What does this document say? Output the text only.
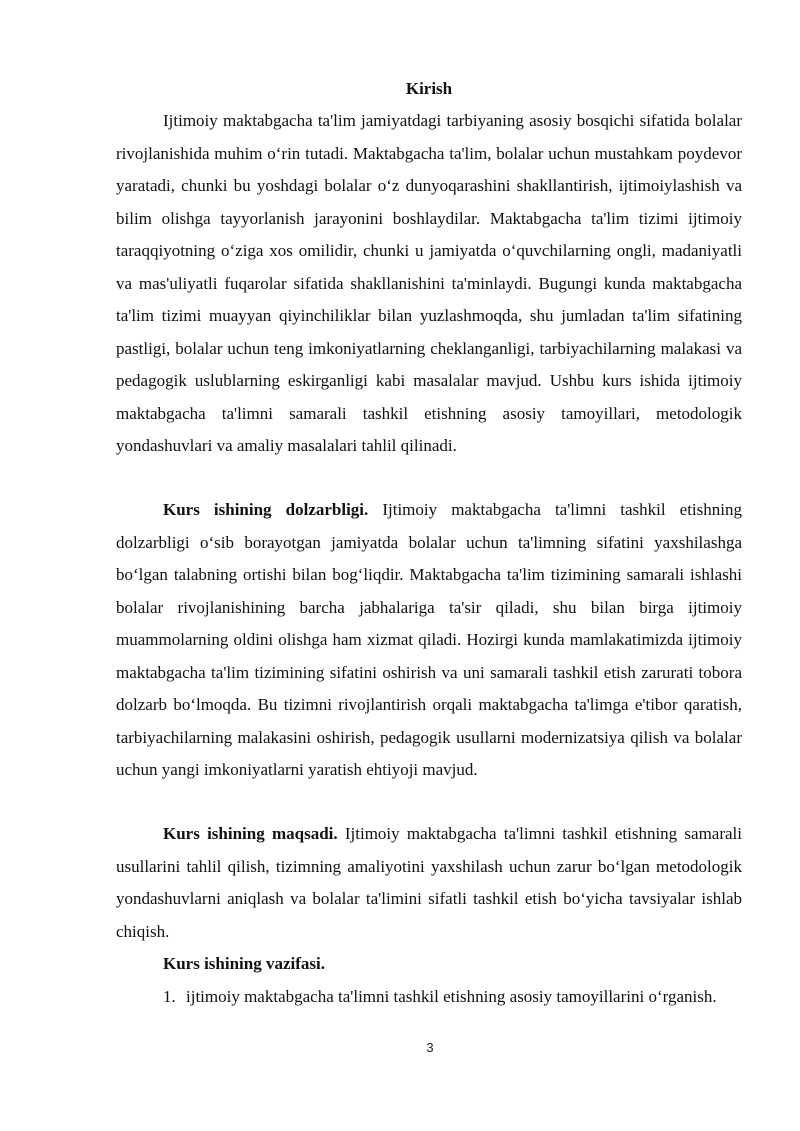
Kirish

Ijtimoiy maktabgacha ta'lim jamiyatdagi tarbiyaning asosiy bosqichi sifatida bolalar rivojlanishida muhim o‘rin tutadi. Maktabgacha ta'lim, bolalar uchun mustahkam poydevor yaratadi, chunki bu yoshdagi bolalar o‘z dunyoqarashini shakllantirish, ijtimoiylashish va bilim olishga tayyorlanish jarayonini boshlaydilar. Maktabgacha ta'lim tizimi ijtimoiy taraqqiyotning o‘ziga xos omilidir, chunki u jamiyatda o‘quvchilarning ongli, madaniyatli va mas'uliyatli fuqarolar sifatida shakllanishini ta'minlaydi. Bugungi kunda maktabgacha ta'lim tizimi muayyan qiyinchiliklar bilan yuzlashmoqda, shu jumladan ta'lim sifatining pastligi, bolalar uchun teng imkoniyatlarning cheklanganligi, tarbiyachilarning malakasi va pedagogik uslublarning eskirganligi kabi masalalar mavjud. Ushbu kurs ishida ijtimoiy maktabgacha ta'limni samarali tashkil etishning asosiy tamoyillari, metodologik yondashuvlari va amaliy masalalari tahlil qilinadi.

Kurs ishining dolzarbligi. Ijtimoiy maktabgacha ta'limni tashkil etishning dolzarbligi o‘sib borayotgan jamiyatda bolalar uchun ta'limning sifatini yaxshilashga bo‘lgan talabning ortishi bilan bog‘liqdir. Maktabgacha ta'lim tizimining samarali ishlashi bolalar rivojlanishining barcha jabhalariga ta'sir qiladi, shu bilan birga ijtimoiy muammolarning oldini olishga ham xizmat qiladi. Hozirgi kunda mamlakatimizda ijtimoiy maktabgacha ta'lim tizimining sifatini oshirish va uni samarali tashkil etish zarurati tobora dolzarb bo‘lmoqda. Bu tizimni rivojlantirish orqali maktabgacha ta'limga e'tibor qaratish, tarbiyachilarning malakasini oshirish, pedagogik usullarni modernizatsiya qilish va bolalar uchun yangi imkoniyatlarni yaratish ehtiyoji mavjud.

Kurs ishining maqsadi. Ijtimoiy maktabgacha ta'limni tashkil etishning samarali usullarini tahlil qilish, tizimning amaliyotini yaxshilash uchun zarur bo‘lgan metodologik yondashuvlarni aniqlash va bolalar ta'limini sifatli tashkil etish bo‘yicha tavsiyalar ishlab chiqish.

Kurs ishining vazifasi.

1. ijtimoiy maktabgacha ta'limni tashkil etishning asosiy tamoyillarini o‘rganish.
3
